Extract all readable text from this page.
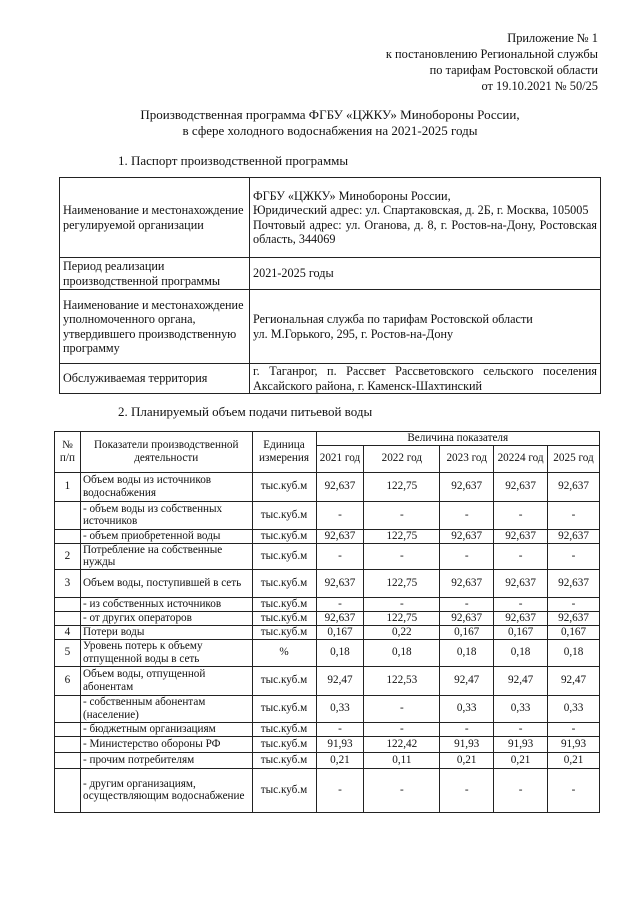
Приложение № 1
к постановлению Региональной службы
по тарифам Ростовской области
от 19.10.2021 № 50/25
Производственная программа ФГБУ «ЦЖКУ» Минобороны России,
в сфере холодного водоснабжения на 2021-2025 годы
1. Паспорт производственной программы
Наименование и местонахождение регулируемой организации	ФГБУ «ЦЖКУ» Минобороны России,
Юридический адрес: ул. Спартаковская, д. 2Б, г. Москва, 105005
Почтовый адрес: ул. Оганова, д. 8, г. Ростов-на-Дону, Ростовская область, 344069

Период реализации производственной программы	2021-2025 годы
Наименование и местонахождение уполномоченного органа, утвердившего производственную программу	Региональная служба по тарифам Ростовской области
ул. М.Горького, 295, г. Ростов-на-Дону

Обслуживаемая территория	г. Таганрог, п. Рассвет Рассветовского сельского поселения Аксайского района, г. Каменск-Шахтинский
2. Планируемый объем подачи питьевой воды
№ п/п	Показатели производственной деятельности	Единица измерения	Величина показателя				
			2021 год	2022 год	2023 год	20224 год	2025 год
1	Объем воды из источников водоснабжения	тыс.куб.м	92,637	122,75	92,637	92,637	92,637
	- объем воды из собственных источников	тыс.куб.м	-	-	-	-	-
	- объем приобретенной воды	тыс.куб.м	92,637	122,75	92,637	92,637	92,637
2	Потребление на собственные нужды	тыс.куб.м	-	-	-	-	-
3	Объем воды, поступившей в сеть	тыс.куб.м	92,637	122,75	92,637	92,637	92,637
	- из собственных источников	тыс.куб.м	-	-	-	-	-
	- от других операторов	тыс.куб.м	92,637	122,75	92,637	92,637	92,637
4	Потери воды	тыс.куб.м	0,167	0,22	0,167	0,167	0,167
5	Уровень потерь к объему отпущенной воды в сеть	%	0,18	0,18	0,18	0,18	0,18
6	Объем воды, отпущенной абонентам	тыс.куб.м	92,47	122,53	92,47	92,47	92,47
	- собственным абонентам (население)	тыс.куб.м	0,33	-	0,33	0,33	0,33
	- бюджетным организациям	тыс.куб.м	-	-	-	-	-
	- Министерство обороны РФ	тыс.куб.м	91,93	122,42	91,93	91,93	91,93
	- прочим потребителям	тыс.куб.м	0,21	0,11	0,21	0,21	0,21
	- другим организациям, осуществляющим водоснабжение	тыс.куб.м	-	-	-	-	-
